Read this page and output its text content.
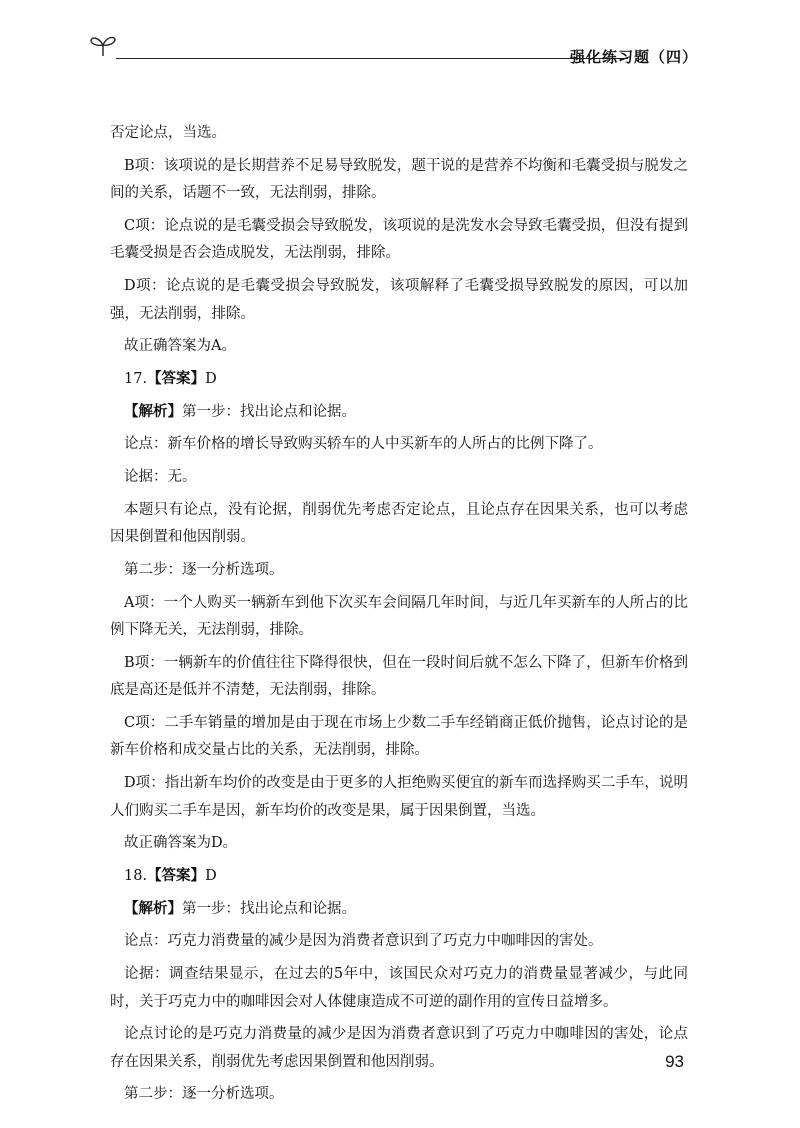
强化练习题（四）

否定论点，当选。

B项：该项说的是长期营养不足易导致脱发，题干说的是营养不均衡和毛囊受损与脱发之间的关系，话题不一致，无法削弱，排除。

C项：论点说的是毛囊受损会导致脱发，该项说的是洗发水会导致毛囊受损，但没有提到毛囊受损是否会造成脱发，无法削弱，排除。

D项：论点说的是毛囊受损会导致脱发，该项解释了毛囊受损导致脱发的原因，可以加强，无法削弱，排除。

故正确答案为A。

17.【答案】D

【解析】第一步：找出论点和论据。

论点：新车价格的增长导致购买轿车的人中买新车的人所占的比例下降了。

论据：无。

本题只有论点，没有论据，削弱优先考虑否定论点，且论点存在因果关系，也可以考虑因果倒置和他因削弱。

第二步：逐一分析选项。

A项：一个人购买一辆新车到他下次买车会间隔几年时间，与近几年买新车的人所占的比例下降无关，无法削弱，排除。

B项：一辆新车的价值往往下降得很快，但在一段时间后就不怎么下降了，但新车价格到底是高还是低并不清楚，无法削弱，排除。

C项：二手车销量的增加是由于现在市场上少数二手车经销商正低价抛售，论点讨论的是新车价格和成交量占比的关系，无法削弱，排除。

D项：指出新车均价的改变是由于更多的人拒绝购买便宜的新车而选择购买二手车，说明人们购买二手车是因，新车均价的改变是果，属于因果倒置，当选。

故正确答案为D。

18.【答案】D

【解析】第一步：找出论点和论据。

论点：巧克力消费量的减少是因为消费者意识到了巧克力中咖啡因的害处。

论据：调查结果显示，在过去的5年中，该国民众对巧克力的消费量显著减少，与此同时，关于巧克力中的咖啡因会对人体健康造成不可逆的副作用的宣传日益增多。

论点讨论的是巧克力消费量的减少是因为消费者意识到了巧克力中咖啡因的害处，论点存在因果关系，削弱优先考虑因果倒置和他因削弱。

第二步：逐一分析选项。

93
